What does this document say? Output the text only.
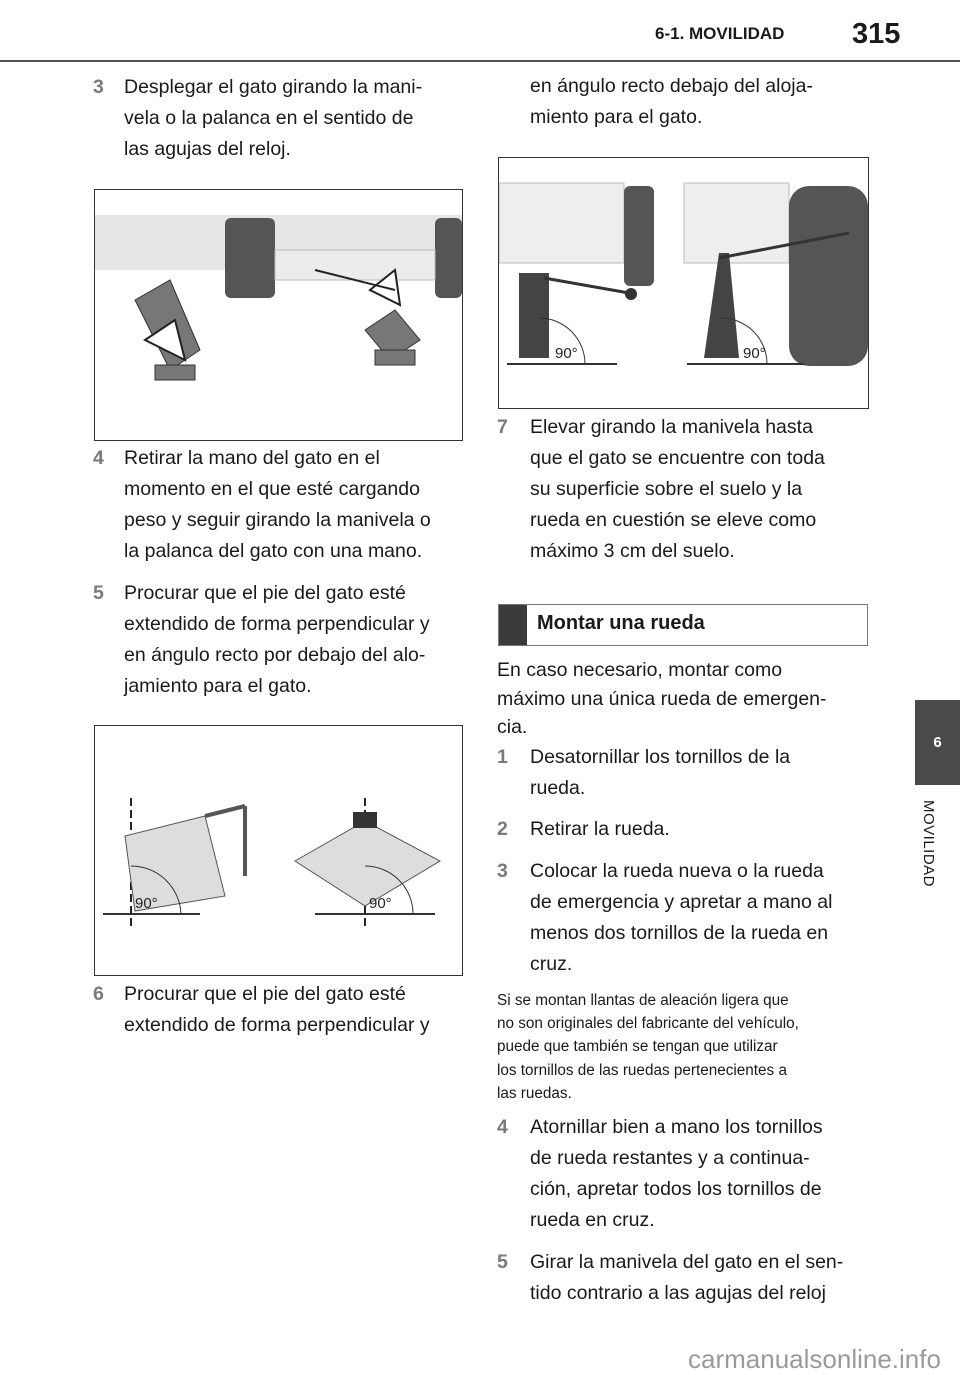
6-1. MOVILIDAD 315
3 Desplegar el gato girando la mani-
vela o la palanca en el sentido de
las agujas del reloj.
4 Retirar la mano del gato en el
momento en el que esté cargando
peso y seguir girando la manivela o
la palanca del gato con una mano.
5 Procurar que el pie del gato esté
extendido de forma perpendicular y
en ángulo recto por debajo del alo-
jamiento para el gato.
90°	90°
6 Procurar que el pie del gato esté
extendido de forma perpendicular y
en ángulo recto debajo del aloja-
miento para el gato.
90°	90°
7 Elevar girando la manivela hasta
que el gato se encuentre con toda
su superficie sobre el suelo y la
rueda en cuestión se eleve como
máximo 3 cm del suelo.
Montar una rueda
En caso necesario, montar como
máximo una única rueda de emergen-
cia.
1 Desatornillar los tornillos de la
rueda.
2 Retirar la rueda.
3 Colocar la rueda nueva o la rueda
de emergencia y apretar a mano al
menos dos tornillos de la rueda en
cruz.
Si se montan llantas de aleación ligera que
no son originales del fabricante del vehículo,
puede que también se tengan que utilizar
los tornillos de las ruedas pertenecientes a
las ruedas.
4 Atornillar bien a mano los tornillos
de rueda restantes y a continua-
ción, apretar todos los tornillos de
rueda en cruz.
5 Girar la manivela del gato en el sen-
tido contrario a las agujas del reloj
6
MOVILIDAD
carmanualsonline.info
